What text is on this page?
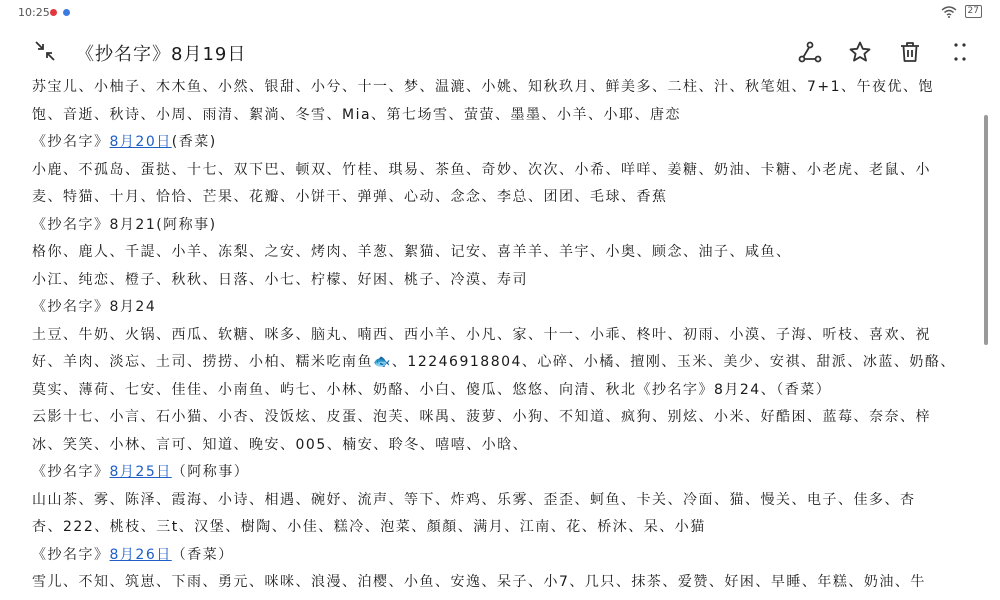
10:25	27
《抄名字》8月19日
苏宝儿、小柚子、木木鱼、小然、银甜、小兮、十一、梦、温漉、小姚、知秋玖月、鲜美多、二柱、汁、秋笔姐、7+1、午夜优、饱
饱、音逝、秋诗、小周、雨清、絮淌、冬雪、Mia、第七场雪、萤萤、墨墨、小羊、小耶、唐恋
《抄名字》8月20日(香菜)
小鹿、不孤岛、蛋挞、十七、双下巴、顿双、竹桂、琪易、茶鱼、奇妙、次次、小希、咩咩、姜糖、奶油、卡糖、小老虎、老鼠、小
麦、特猫、十月、恰恰、芒果、花瓣、小饼干、弹弹、心动、念念、李总、团团、毛球、香蕉
《抄名字》8月21(阿称事)
格你、鹿人、千諟、小羊、冻梨、之安、烤肉、羊葱、絮猫、记安、喜羊羊、羊宇、小奥、顾念、油子、咸鱼、
小江、纯恋、橙子、秋秋、日落、小七、柠檬、好困、桃子、冷漠、寿司
《抄名字》8月24
土豆、牛奶、火锅、西瓜、软糖、咪多、脑丸、喃西、西小羊、小凡、家、十一、小乖、柊叶、初雨、小漠、子海、听枝、喜欢、祝
好、羊肉、淡忘、土司、捞捞、小柏、糯米吃南鱼🐟、12246918804、心碎、小橘、擅刚、玉米、美少、安祺、甜派、冰蓝、奶酪、
莫实、薄荷、七安、佳佳、小南鱼、屿七、小林、奶酪、小白、傻瓜、悠悠、向清、秋北《抄名字》8月24、（香菜）
云影十七、小言、石小猫、小杏、没饭炫、皮蛋、泡芙、咪禺、菠萝、小狗、不知道、疯狗、别炫、小米、好酷困、蓝莓、奈奈、梓
冰、笑笑、小林、言可、知道、晚安、005、楠安、聆冬、嘻嘻、小晗、
《抄名字》8月25日（阿称事）
山山茶、雾、陈泽、霞海、小诗、相遇、碗妤、流声、等下、炸鸡、乐雾、歪歪、蚵鱼、卡关、冷面、猫、慢关、电子、佳多、杏
杏、222、桃枝、三t、汉堡、樹陶、小佳、糕冷、泡菜、顏顏、满月、江南、花、桥沐、呆、小猫
《抄名字》8月26日（香菜）
雪儿、不知、筑崽、下雨、勇元、咪咪、浪漫、泊樱、小鱼、安逸、呆子、小7、几只、抹茶、爱赞、好困、早睡、年糕、奶油、牛
